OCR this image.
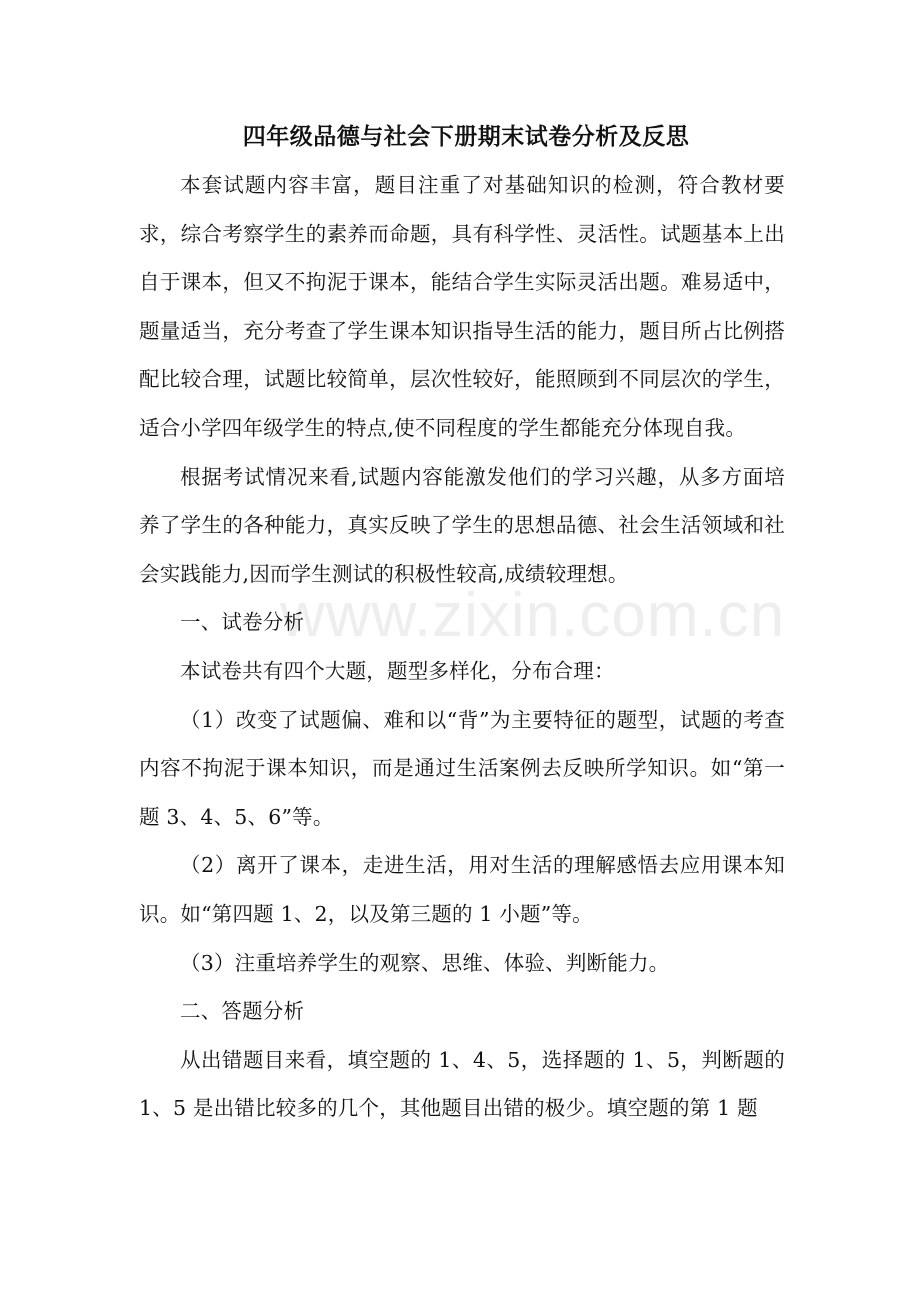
www.zixin.com.cn
四年级品德与社会下册期末试卷分析及反思

本套试题内容丰富，题目注重了对基础知识的检测，符合教材要求，综合考察学生的素养而命题，具有科学性、灵活性。试题基本上出自于课本，但又不拘泥于课本，能结合学生实际灵活出题。难易适中，题量适当，充分考查了学生课本知识指导生活的能力，题目所占比例搭配比较合理，试题比较简单，层次性较好，能照顾到不同层次的学生，适合小学四年级学生的特点,使不同程度的学生都能充分体现自我。

根据考试情况来看,试题内容能激发他们的学习兴趣，从多方面培养了学生的各种能力，真实反映了学生的思想品德、社会生活领域和社会实践能力,因而学生测试的积极性较高,成绩较理想。

一、试卷分析

本试卷共有四个大题，题型多样化，分布合理：

（1）改变了试题偏、难和以“背”为主要特征的题型，试题的考查内容不拘泥于课本知识，而是通过生活案例去反映所学知识。如“第一题 3、4、5、6”等。

（2）离开了课本，走进生活，用对生活的理解感悟去应用课本知识。如“第四题 1、2，以及第三题的 1 小题”等。

（3）注重培养学生的观察、思维、体验、判断能力。

二、答题分析

从出错题目来看，填空题的 1、4、5，选择题的 1、5，判断题的 1、5 是出错比较多的几个，其他题目出错的极少。填空题的第 1 题
